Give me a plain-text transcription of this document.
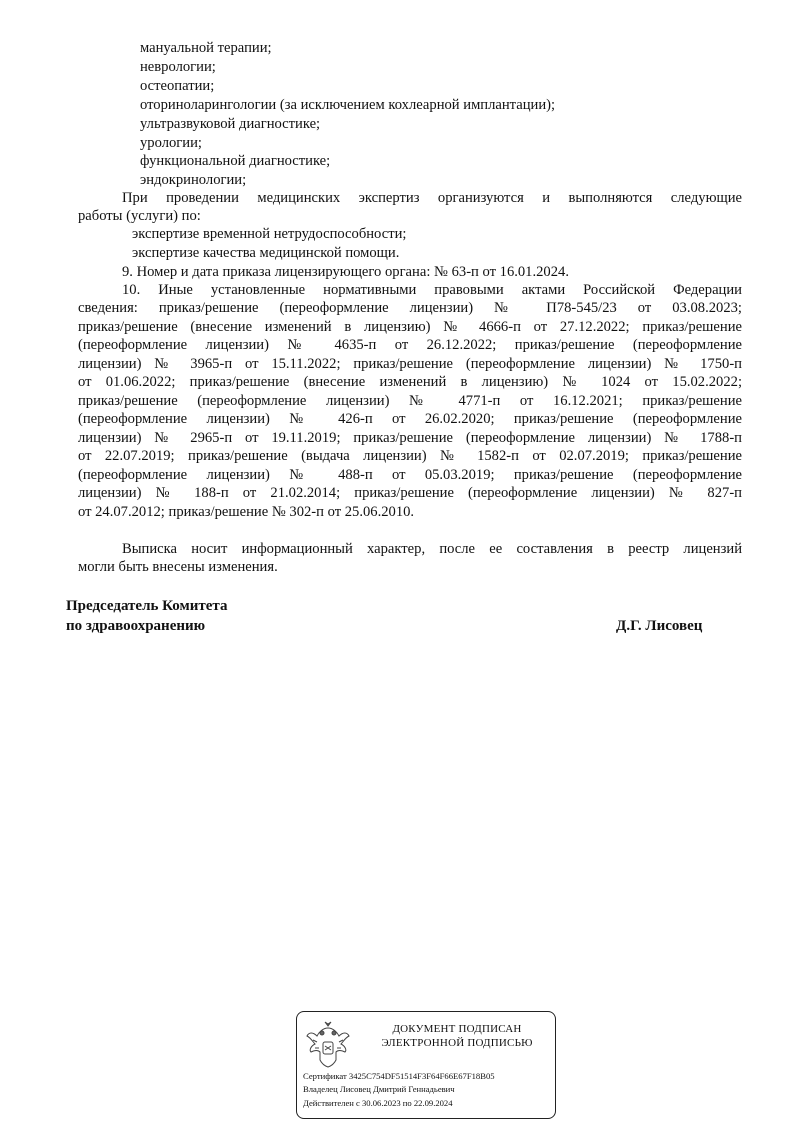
мануальной терапии;
неврологии;
остеопатии;
оториноларингологии (за исключением кохлеарной имплантации);
ультразвуковой диагностике;
урологии;
функциональной диагностике;
эндокринологии;
При проведении медицинских экспертиз организуются и выполняются следующие
работы (услуги) по:
экспертизе временной нетрудоспособности;
экспертизе качества медицинской помощи.
9. Номер и дата приказа лицензирующего органа: № 63-п от 16.01.2024.
10. Иные установленные нормативными правовыми актами Российской Федерации
сведения: приказ/решение (переоформление лицензии) № П78-545/23 от 03.08.2023;
приказ/решение (внесение изменений в лицензию) № 4666-п от 27.12.2022; приказ/решение
(переоформление лицензии) № 4635-п от 26.12.2022; приказ/решение (переоформление
лицензии) № 3965-п от 15.11.2022; приказ/решение (переоформление лицензии) № 1750-п
от 01.06.2022; приказ/решение (внесение изменений в лицензию) № 1024 от 15.02.2022;
приказ/решение (переоформление лицензии) № 4771-п от 16.12.2021; приказ/решение
(переоформление лицензии) № 426-п от 26.02.2020; приказ/решение (переоформление
лицензии) № 2965-п от 19.11.2019; приказ/решение (переоформление лицензии) № 1788-п
от 22.07.2019; приказ/решение (выдача лицензии) № 1582-п от 02.07.2019; приказ/решение
(переоформление лицензии) № 488-п от 05.03.2019; приказ/решение (переоформление
лицензии) № 188-п от 21.02.2014; приказ/решение (переоформление лицензии) № 827-п
от 24.07.2012; приказ/решение № 302-п от 25.06.2010.
Выписка носит информационный характер, после ее составления в реестр лицензий
могли быть внесены изменения.
Председатель Комитета
по здравоохранению	Д.Г. Лисовец
ДОКУМЕНТ ПОДПИСАН
ЭЛЕКТРОННОЙ ПОДПИСЬЮ
Сертификат 3425C754DF51514F3F64F66E67F18B05
Владелец Лисовец Дмитрий Геннадьевич
Действителен с 30.06.2023 по 22.09.2024
